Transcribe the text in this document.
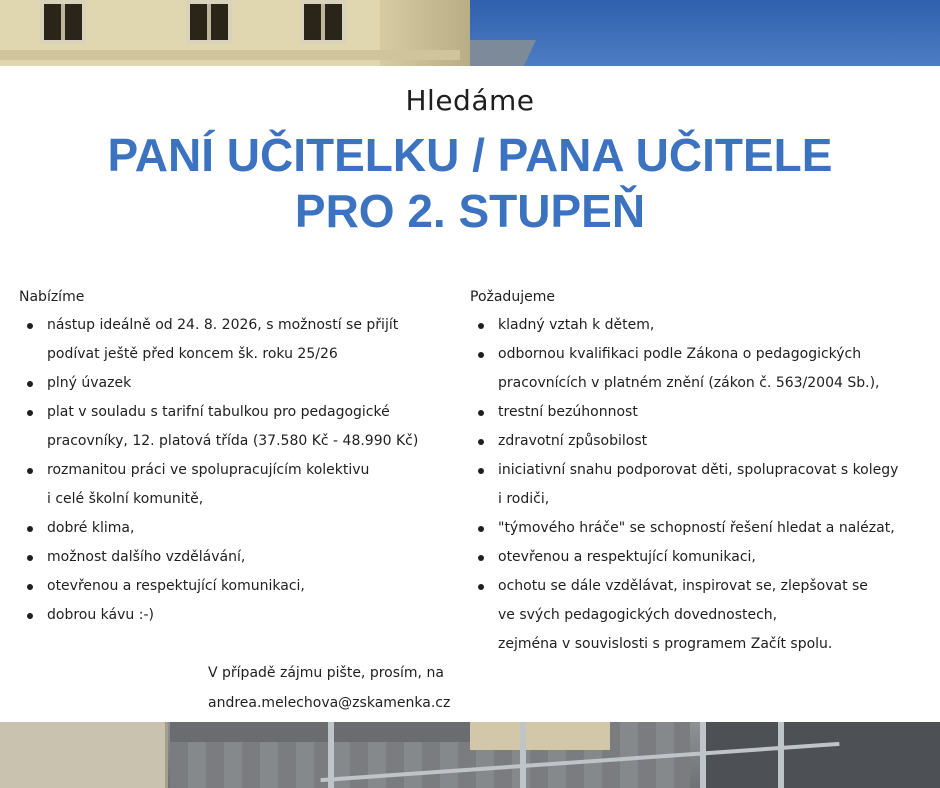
Hledáme
PANÍ UČITELKU / PANA UČITELE
PRO 2. STUPEŇ
Nabízíme
nástup ideálně od 24. 8. 2026, s možností se přijít
podívat ještě před koncem šk. roku 25/26
plný úvazek
plat v souladu s tarifní tabulkou pro pedagogické
pracovníky, 12. platová třída (37.580 Kč - 48.990 Kč)
rozmanitou práci ve spolupracujícím kolektivu
i celé školní komunitě,
dobré klima,
možnost dalšího vzdělávání,
otevřenou a respektující komunikaci,
dobrou kávu :-)
Požadujeme
kladný vztah k dětem,
odbornou kvalifikaci podle Zákona o pedagogických
pracovnících v platném znění (zákon č. 563/2004 Sb.),
trestní bezúhonnost
zdravotní způsobilost
iniciativní snahu podporovat děti, spolupracovat s kolegy
i rodiči,
"týmového hráče" se schopností řešení hledat a nalézat,
otevřenou a respektující komunikaci,
ochotu se dále vzdělávat, inspirovat se, zlepšovat se
ve svých pedagogických dovednostech,
zejména v souvislosti s programem Začít spolu.
V případě zájmu pište, prosím, na
andrea.melechova@zskamenka.cz
